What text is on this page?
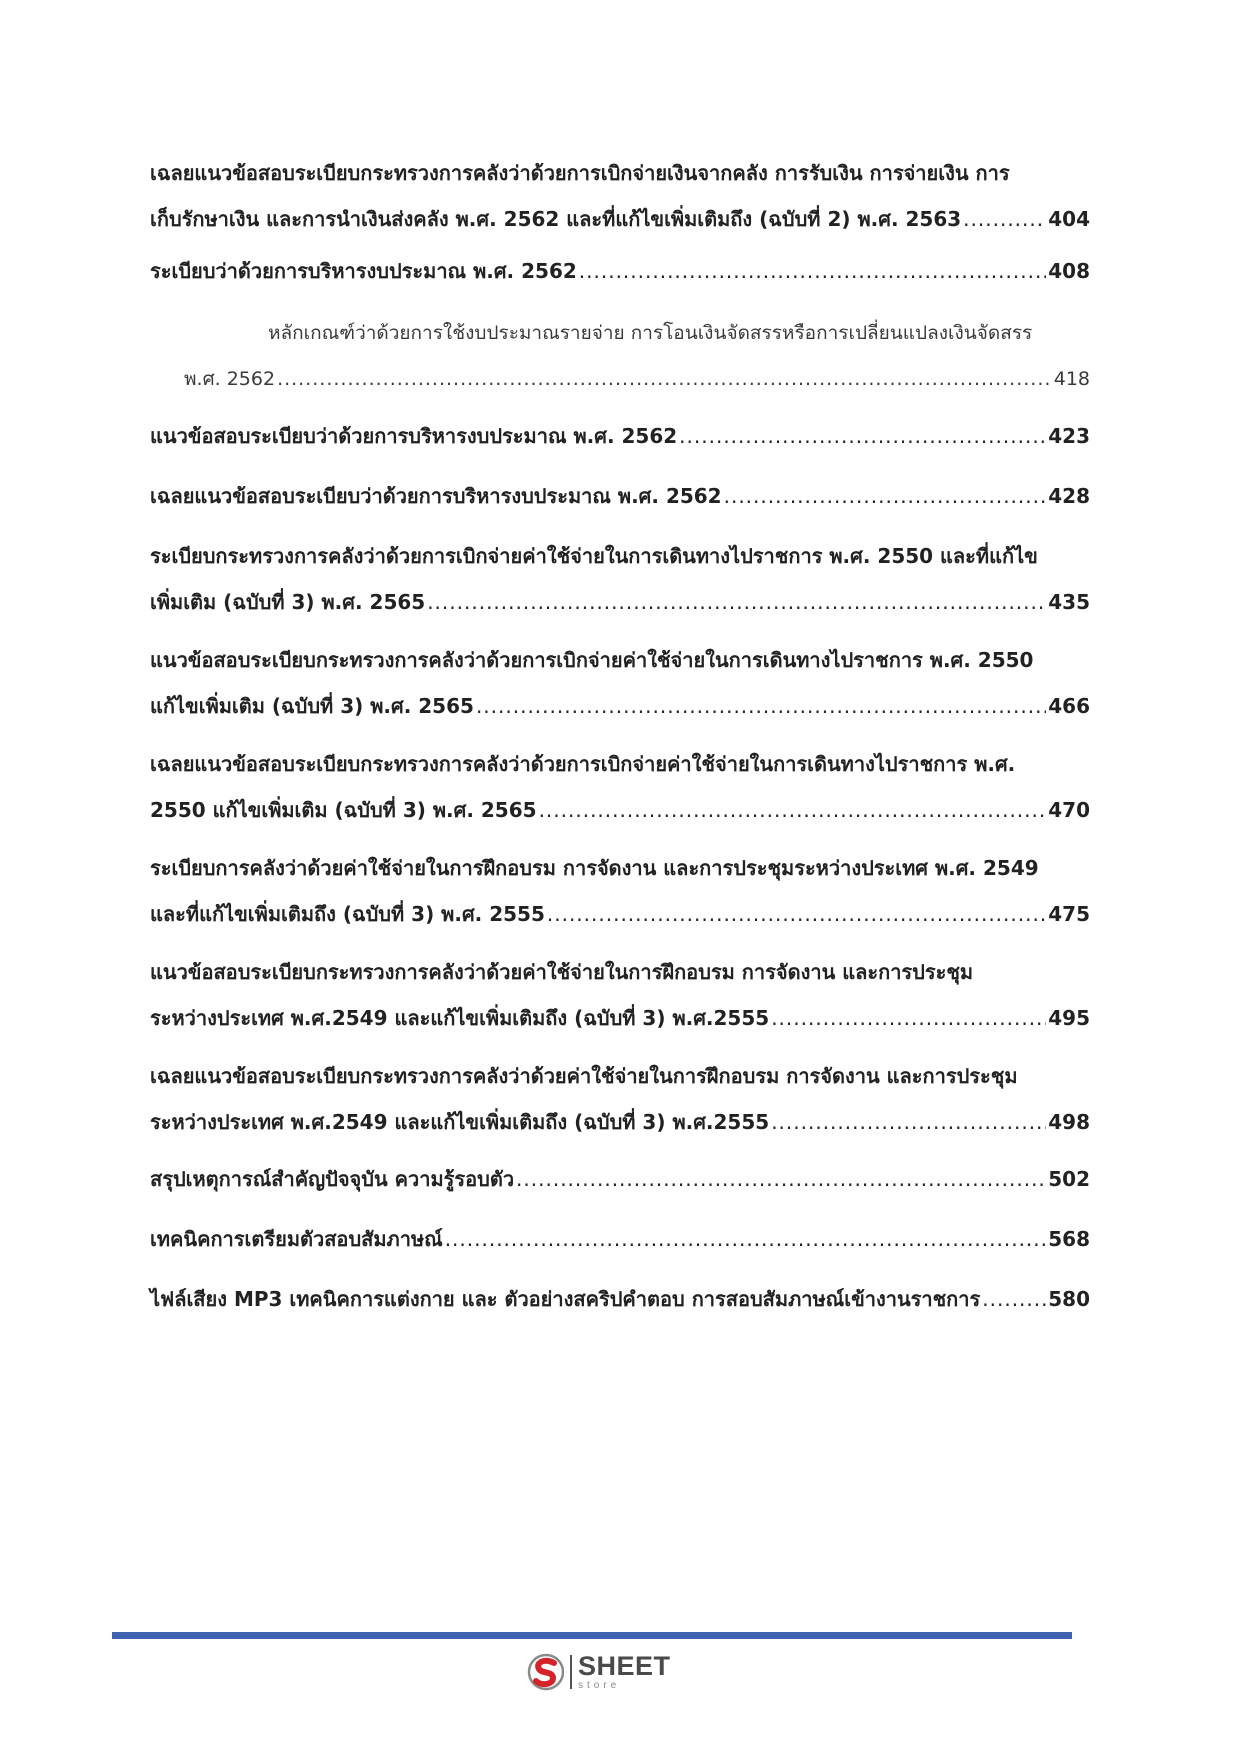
เฉลยแนวข้อสอบระเบียบกระทรวงการคลังว่าด้วยการเบิกจ่ายเงินจากคลัง การรับเงิน การจ่ายเงิน การ
เก็บรักษาเงิน และการนำเงินส่งคลัง พ.ศ. 2562 และที่แก้ไขเพิ่มเติมถึง (ฉบับที่ 2) พ.ศ. 2563 .....	404
ระเบียบว่าด้วยการบริหารงบประมาณ พ.ศ. 2562 .....	408
หลักเกณฑ์ว่าด้วยการใช้งบประมาณรายจ่าย การโอนเงินจัดสรรหรือการเปลี่ยนแปลงเงินจัดสรร
พ.ศ. 2562 .....	418
แนวข้อสอบระเบียบว่าด้วยการบริหารงบประมาณ พ.ศ. 2562 .....	423
เฉลยแนวข้อสอบระเบียบว่าด้วยการบริหารงบประมาณ พ.ศ. 2562 .....	428
ระเบียบกระทรวงการคลังว่าด้วยการเบิกจ่ายค่าใช้จ่ายในการเดินทางไปราชการ พ.ศ. 2550 และที่แก้ไข
เพิ่มเติม (ฉบับที่ 3) พ.ศ. 2565 .....	435
แนวข้อสอบระเบียบกระทรวงการคลังว่าด้วยการเบิกจ่ายค่าใช้จ่ายในการเดินทางไปราชการ พ.ศ. 2550
แก้ไขเพิ่มเติม (ฉบับที่ 3) พ.ศ. 2565 .....	466
เฉลยแนวข้อสอบระเบียบกระทรวงการคลังว่าด้วยการเบิกจ่ายค่าใช้จ่ายในการเดินทางไปราชการ พ.ศ.
2550 แก้ไขเพิ่มเติม (ฉบับที่ 3) พ.ศ. 2565 .....	470
ระเบียบการคลังว่าด้วยค่าใช้จ่ายในการฝึกอบรม การจัดงาน และการประชุมระหว่างประเทศ พ.ศ. 2549
และที่แก้ไขเพิ่มเติมถึง (ฉบับที่ 3) พ.ศ. 2555 .....	475
แนวข้อสอบระเบียบกระทรวงการคลังว่าด้วยค่าใช้จ่ายในการฝึกอบรม การจัดงาน และการประชุม
ระหว่างประเทศ พ.ศ.2549 และแก้ไขเพิ่มเติมถึง (ฉบับที่ 3) พ.ศ.2555 .....	495
เฉลยแนวข้อสอบระเบียบกระทรวงการคลังว่าด้วยค่าใช้จ่ายในการฝึกอบรม การจัดงาน และการประชุม
ระหว่างประเทศ พ.ศ.2549 และแก้ไขเพิ่มเติมถึง (ฉบับที่ 3) พ.ศ.2555 .....	498
สรุปเหตุการณ์สำคัญปัจจุบัน ความรู้รอบตัว .....	502
เทคนิคการเตรียมตัวสอบสัมภาษณ์ .....	568
ไฟล์เสียง MP3 เทคนิคการแต่งกาย และ ตัวอย่างสคริปคำตอบ การสอบสัมภาษณ์เข้างานราชการ .....	580
SHEET
store
